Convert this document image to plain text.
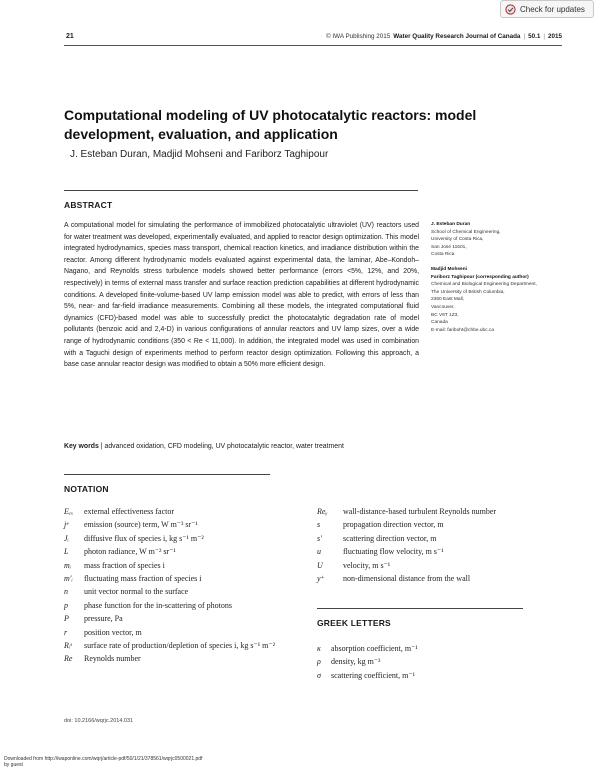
Check for updates
21	© IWA Publishing 2015 Water Quality Research Journal of Canada | 50.1 | 2015
Computational modeling of UV photocatalytic reactors: model development, evaluation, and application
J. Esteban Duran, Madjid Mohseni and Fariborz Taghipour
ABSTRACT
A computational model for simulating the performance of immobilized photocatalytic ultraviolet (UV) reactors used for water treatment was developed, experimentally evaluated, and applied to reactor design optimization. This model integrated hydrodynamics, species mass transport, chemical reaction kinetics, and irradiance distribution within the reactor. Among different hydrodynamic models evaluated against experimental data, the laminar, Abe–Kondoh–Nagano, and Reynolds stress turbulence models showed better performance (errors <5%, 12%, and 20%, respectively) in terms of external mass transfer and surface reaction prediction capabilities at different hydrodynamic conditions. A developed finite-volume-based UV lamp emission model was able to predict, with errors of less than 5%, near- and far-field irradiance measurements. Combining all these models, the integrated computational fluid dynamics (CFD)-based model was able to successfully predict the photocatalytic degradation rate of model pollutants (benzoic acid and 2,4-D) in various configurations of annular reactors and UV lamp sizes, over a wide range of hydrodynamic conditions (350 < Re < 11,000). In addition, the integrated model was used in combination with a Taguchi design of experiments method to perform reactor design optimization. Following this approach, a base case annular reactor design was modified to obtain a 50% more efficient design.
Key words | advanced oxidation, CFD modeling, UV photocatalytic reactor, water treatment
J. Esteban Duran
School of Chemical Engineering,
University of Costa Rica,
San José 11501,
Costa Rica
Madjid Mohseni
Fariborz Taghipour (corresponding author)
Chemical and Biological Engineering Department,
The University of British Columbia,
2360 East Mall,
Vancouver,
BC V6T 1Z3,
Canada
E-mail: fariboht@chbe.ubc.ca
NOTATION
Eₑₓ	external effectiveness factor
jᵉ	emission (source) term, W m⁻³ sr⁻¹
Jᵢ	diffusive flux of species i, kg s⁻¹ m⁻²
L	photon radiance, W m⁻² sr⁻¹
mᵢ	mass fraction of species i
m′ᵢ	fluctuating mass fraction of species i
n	unit vector normal to the surface
p	phase function for the in-scattering of photons
P	pressure, Pa
r	position vector, m
Rᵢˢ	surface rate of production/depletion of species i, kg s⁻¹ m⁻²
Re	Reynolds number
Reᵧ	wall-distance-based turbulent Reynolds number
s	propagation direction vector, m
s′	scattering direction vector, m
u	fluctuating flow velocity, m s⁻¹
U	velocity, m s⁻¹
y⁺	non-dimensional distance from the wall
GREEK LETTERS
κ	absorption coefficient, m⁻¹
ρ	density, kg m⁻³
σ	scattering coefficient, m⁻¹
doi: 10.2166/wqrjc.2014.031
Downloaded from http://iwaponline.com/wqrj/article-pdf/50/1/21/378561/wqrjc0500021.pdf
by guest
